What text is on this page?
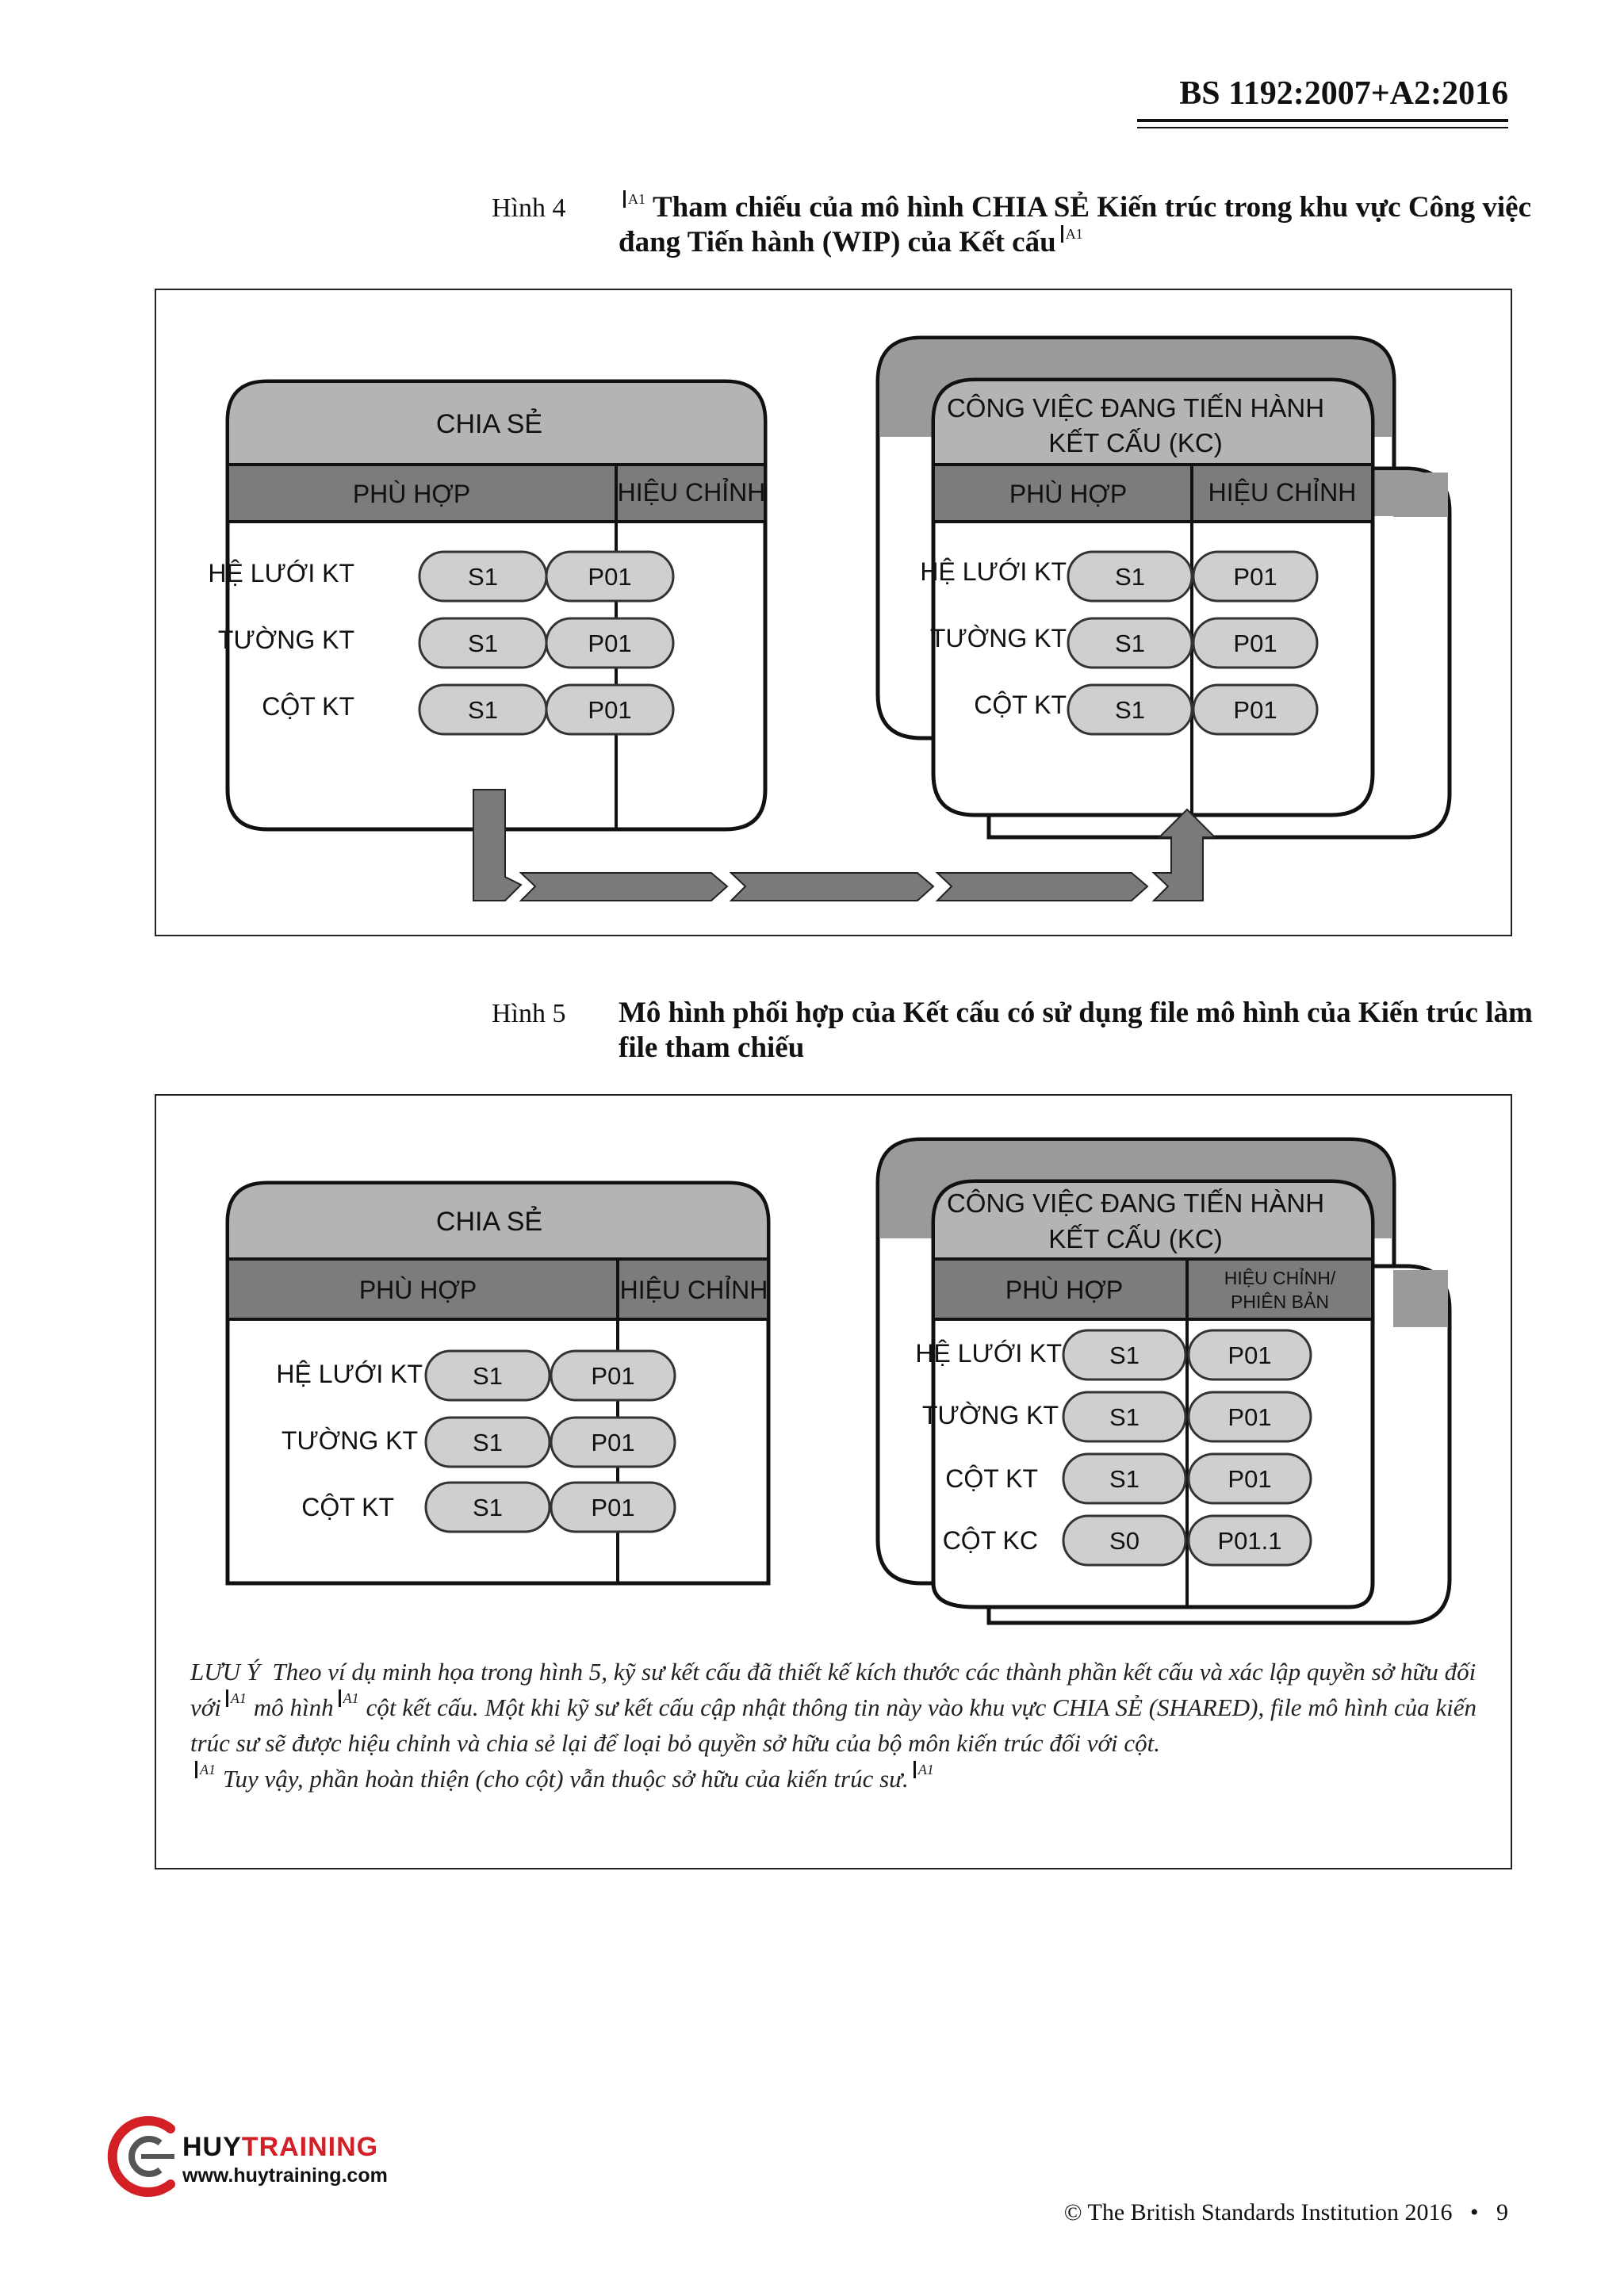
BS 1192:2007+A2:2016
Hình 4	A1 Tham chiếu của mô hình CHIA SẺ Kiến trúc trong khu vực Công việc đang Tiến hành (WIP) của Kết cấu A1
CHIA SẺ
PHÙ HỢP	HIỆU CHỈNH
HỆ LƯỚI KT	S1	P01
TƯỜNG KT	S1	P01
CỘT KT	S1	P01
CÔNG VIỆC ĐANG TIẾN HÀNH
KẾT CẤU (KC)
PHÙ HỢP	HIỆU CHỈNH
HỆ LƯỚI KT S1	P01
TƯỜNG KT S1	P01
CỘT KT S1	P01
Hình 5 Mô hình phối hợp của Kết cấu có sử dụng file mô hình của Kiến trúc làm file tham chiếu
CHIA SẺ
PHÙ HỢP	HIỆU CHỈNH
HỆ LƯỚI KT S1	P01
TƯỜNG KT S1	P01
CỘT KT	S1	P01
CÔNG VIỆC ĐANG TIẾN HÀNH
KẾT CẤU (KC)
PHÙ HỢP	HIỆU CHỈNH/
PHIÊN BẢN
HỆ LƯỚI KT S1	P01
TƯỜNG KT S1	P01
CỘT KT	S1	P01
CỘT KC	S0	P01.1

LƯU Ý Theo ví dụ minh họa trong hình 5, kỹ sư kết cấu đã thiết kế kích thước các thành phần kết cấu và xác lập quyền sở hữu đối với A1 mô hình A1 cột kết cấu. Một khi kỹ sư kết cấu cập nhật thông tin này vào khu vực CHIA SẺ (SHARED), file mô hình của kiến trúc sư sẽ được hiệu chỉnh và chia sẻ lại để loại bỏ quyền sở hữu của bộ môn kiến trúc đối với cột.

A1 Tuy vậy, phần hoàn thiện (cho cột) vẫn thuộc sở hữu của kiến trúc sư. A1

HUYTRAINING
www.huytraining.com
© The British Standards Institution 2016 • 9
